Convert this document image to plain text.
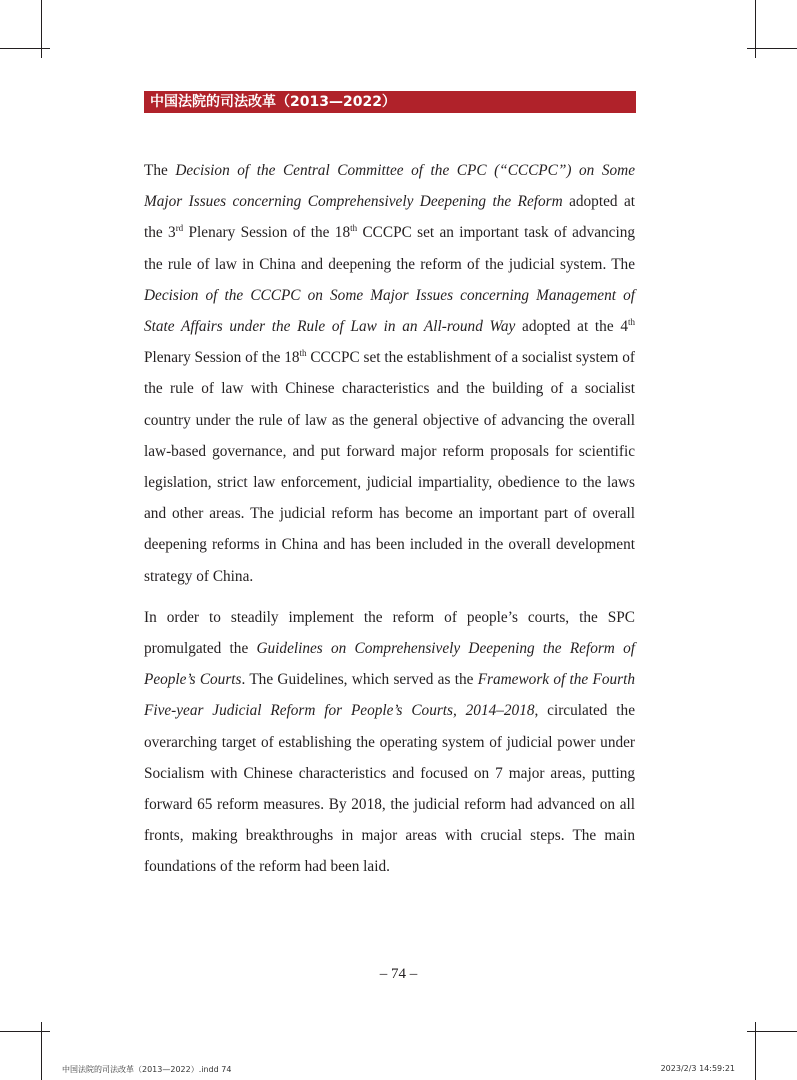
中国法院的司法改革（2013—2022）

The Decision of the Central Committee of the CPC (“CCCPC”) on Some Major Issues concerning Comprehensively Deepening the Reform adopted at the 3rd Plenary Session of the 18th CCCPC set an important task of advancing the rule of law in China and deepening the reform of the judicial system. The Decision of the CCCPC on Some Major Issues concerning Management of State Affairs under the Rule of Law in an All-round Way adopted at the 4th Plenary Session of the 18th CCCPC set the establishment of a socialist system of the rule of law with Chinese characteristics and the building of a socialist country under the rule of law as the general objective of advancing the overall law-based governance, and put forward major reform proposals for scientific legislation, strict law enforcement, judicial impartiality, obedience to the laws and other areas. The judicial reform has become an important part of overall deepening reforms in China and has been included in the overall development strategy of China.

In order to steadily implement the reform of people’s courts, the SPC promulgated the Guidelines on Comprehensively Deepening the Reform of People’s Courts. The Guidelines, which served as the Framework of the Fourth Five-year Judicial Reform for People’s Courts, 2014–2018, circulated the overarching target of establishing the operating system of judicial power under Socialism with Chinese characteristics and focused on 7 major areas, putting forward 65 reform measures. By 2018, the judicial reform had advanced on all fronts, making breakthroughs in major areas with crucial steps. The main foundations of the reform had been laid.

– 74 –
中国法院的司法改革（2013—2022）.indd 74	2023/2/3 14:59:21
